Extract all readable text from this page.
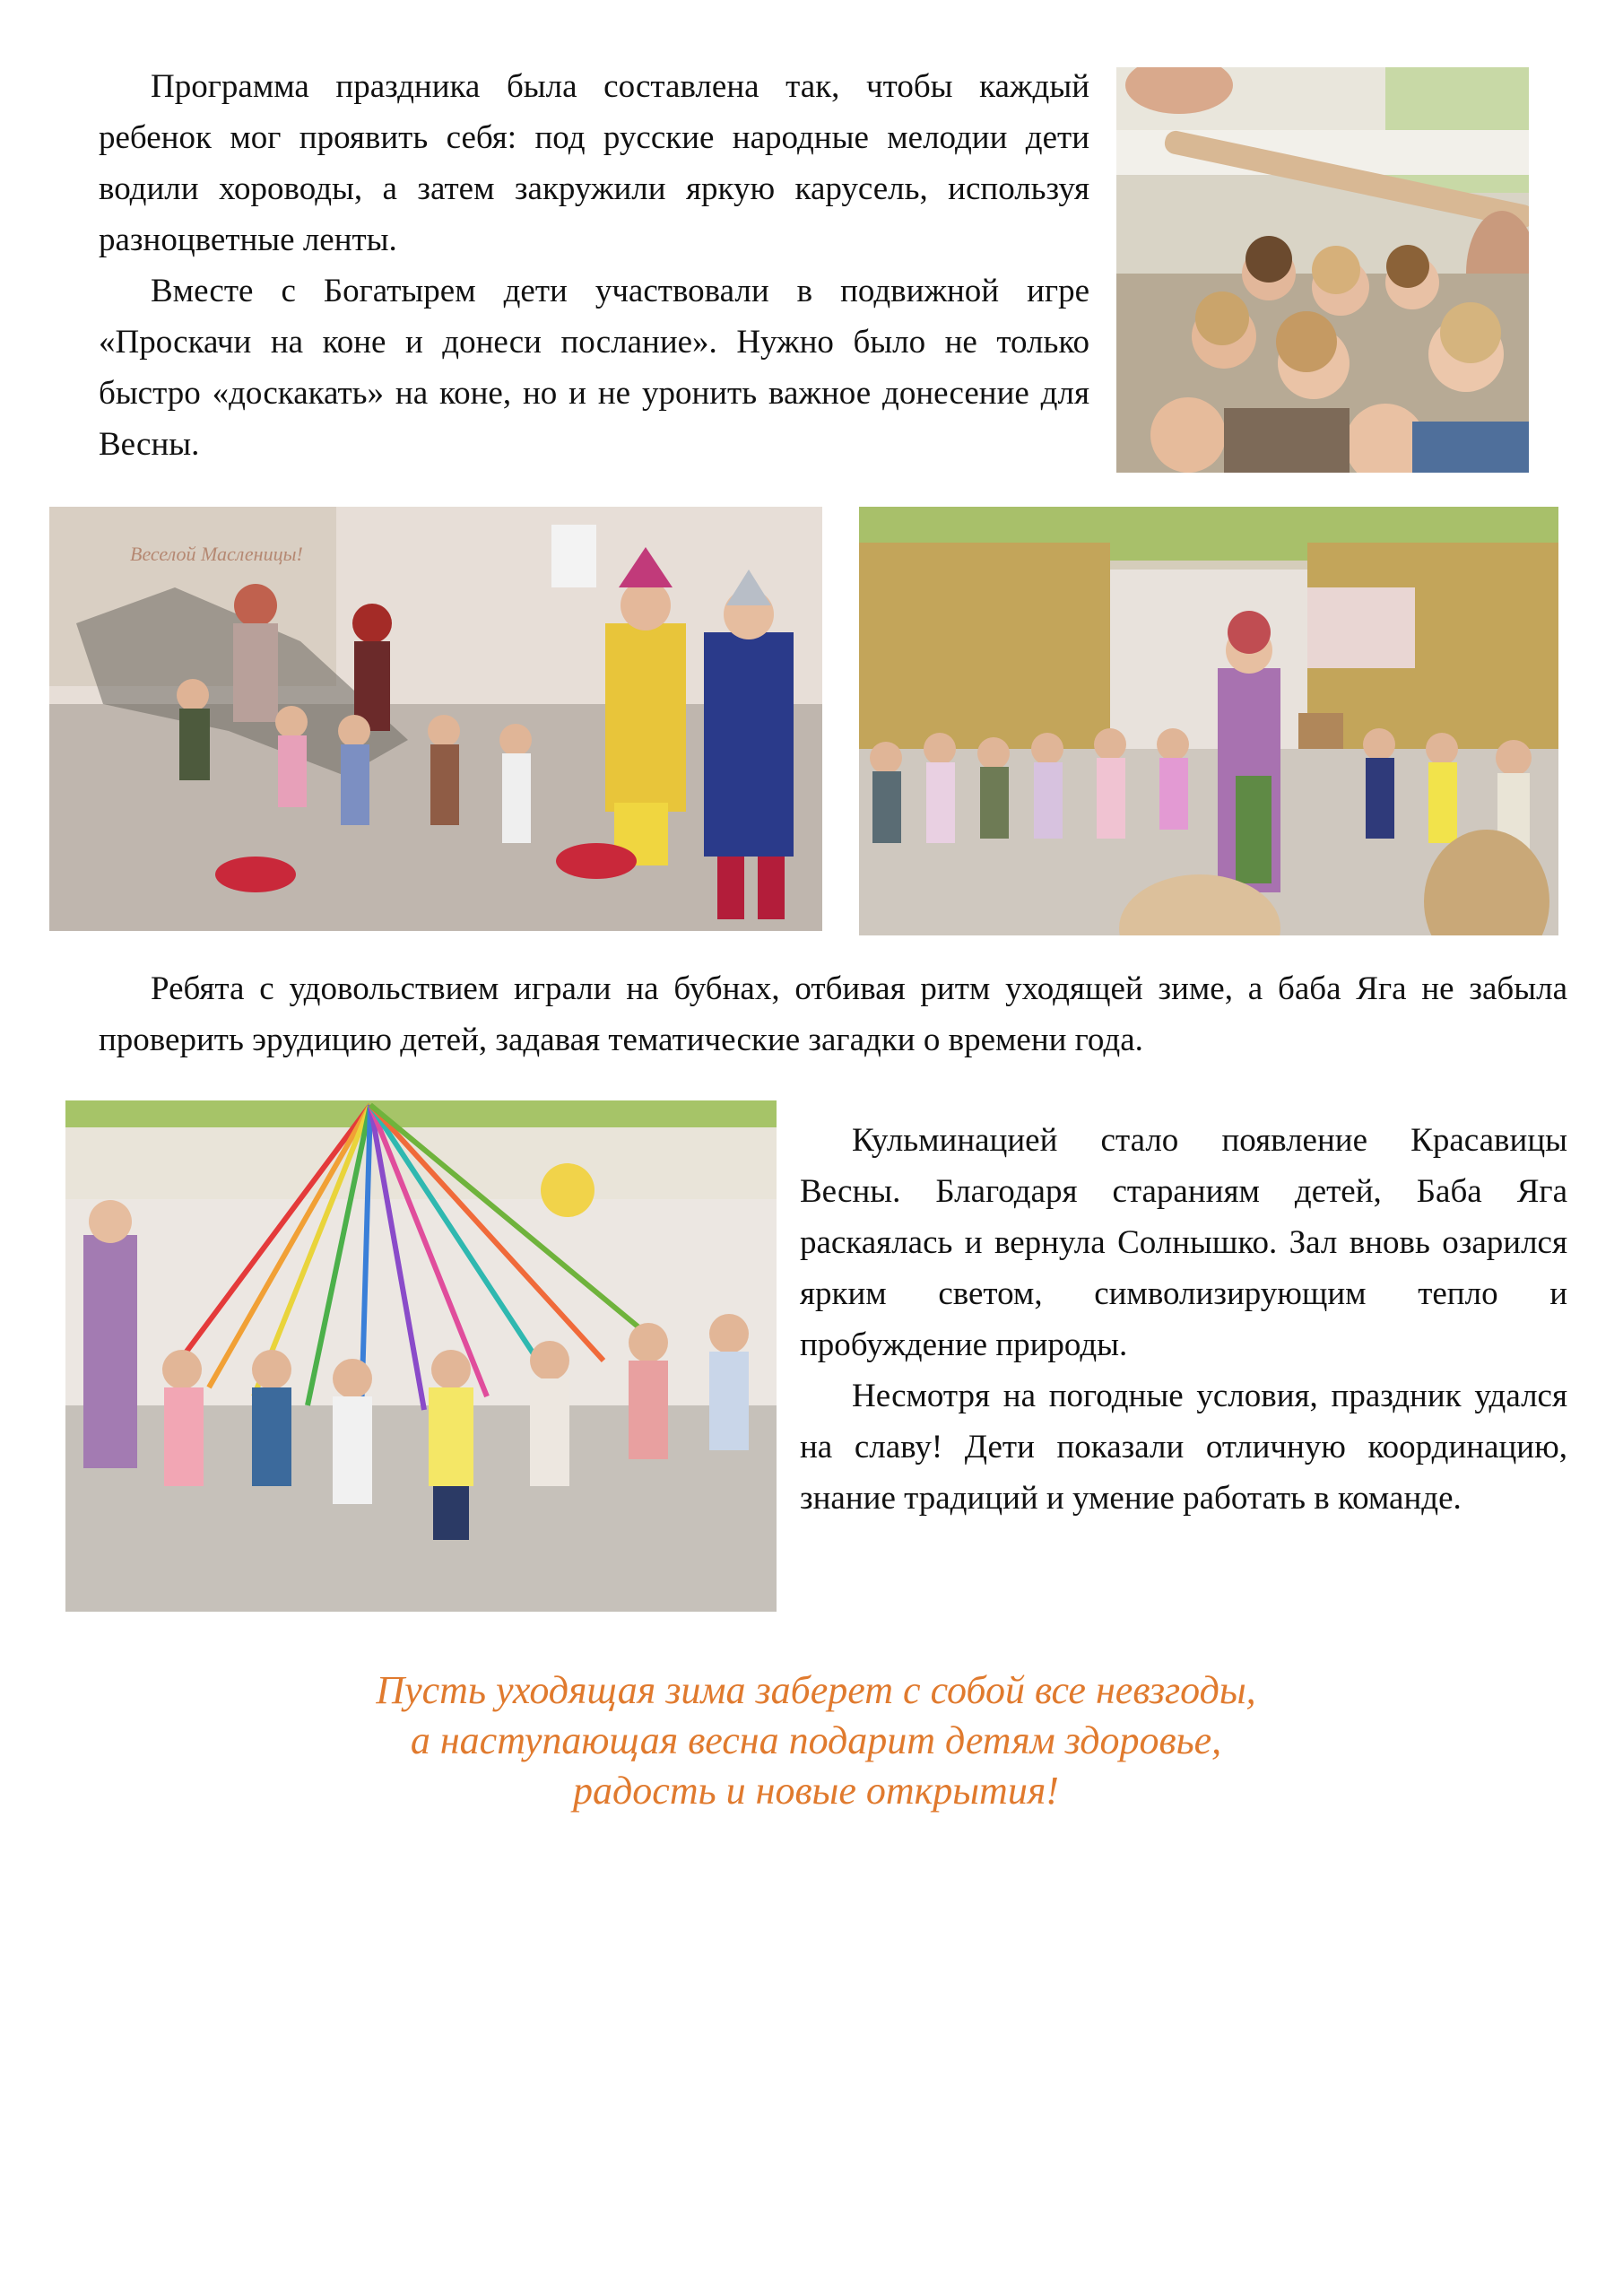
Программа праздника была составлена так, чтобы каждый ребенок мог проявить себя: под русские народные мелодии дети водили хороводы, а затем закружили яркую карусель, используя разноцветные ленты.

Вместе с Богатырем дети участвовали в подвижной игре «Проскачи на коне и донеси послание». Нужно было не только быстро «доскакать» на коне, но и не уронить важное донесение для Весны.

Веселой Масленицы!

Ребята с удовольствием играли на бубнах, отбивая ритм уходящей зиме, а баба Яга не забыла проверить эрудицию детей, задавая тематические загадки о времени года.

Кульминацией стало появление Красавицы Весны. Благодаря стараниям детей, Баба Яга раскаялась и вернула Солнышко. Зал вновь озарился ярким светом, символизирующим тепло и пробуждение природы.

Несмотря на погодные условия, праздник удался на славу! Дети показали отличную координацию, знание традиций и умение работать в команде.

Пусть уходящая зима заберет с собой все невзгоды,
а наступающая весна подарит детям здоровье,
радость и новые открытия!
